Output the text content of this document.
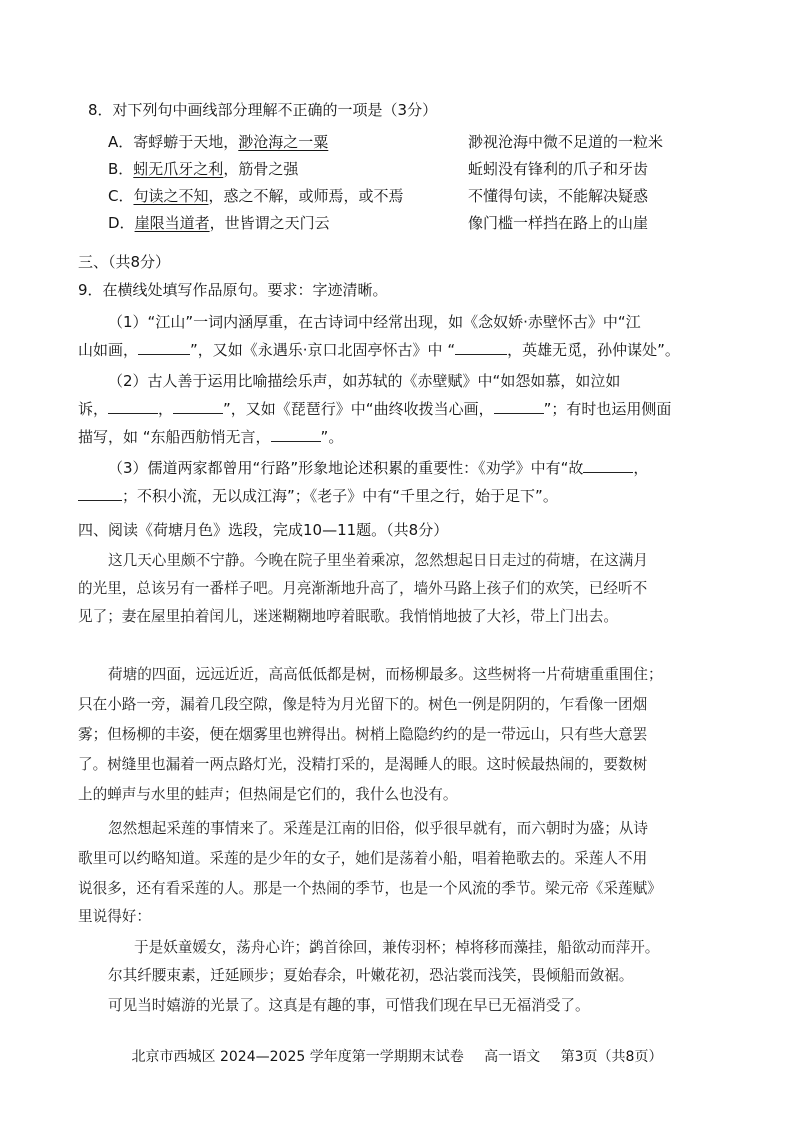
8．对下列句中画线部分理解不正确的一项是（3分）
A．寄蜉蝣于天地，渺沧海之一粟	渺视沧海中微不足道的一粒米
B．蚓无爪牙之利，筋骨之强	蚯蚓没有锋利的爪子和牙齿
C．句读之不知，惑之不解，或师焉，或不焉	不懂得句读，不能解决疑惑
D．崖限当道者，世皆谓之天门云	像门槛一样挡在路上的山崖
三、（共8分）
9．在横线处填写作品原句。要求：字迹清晰。
（1）“江山”一词内涵厚重，在古诗词中经常出现，如《念奴娇·赤壁怀古》中“江
山如画，	”，又如《永遇乐·京口北固亭怀古》中 “	，英雄无觅，孙仲谋处”。
（2）古人善于运用比喻描绘乐声，如苏轼的《赤壁赋》中“如怨如慕，如泣如
诉，	，	”，又如《琵琶行》中“曲终收拨当心画，	”；有时也运用侧面
描写，如 “东船西舫悄无言，	”。
（3）儒道两家都曾用“行路”形象地论述积累的重要性：《劝学》中有“故	，
；不积小流，无以成江海”；《老子》中有“千里之行，始于足下”。
四、阅读《荷塘月色》选段，完成10—11题。（共8分）
这几天心里颇不宁静。今晚在院子里坐着乘凉，忽然想起日日走过的荷塘，在这满月
的光里，总该另有一番样子吧。月亮渐渐地升高了，墙外马路上孩子们的欢笑，已经听不
见了；妻在屋里拍着闰儿，迷迷糊糊地哼着眠歌。我悄悄地披了大衫，带上门出去。
荷塘的四面，远远近近，高高低低都是树，而杨柳最多。这些树将一片荷塘重重围住；
只在小路一旁，漏着几段空隙，像是特为月光留下的。树色一例是阴阴的，乍看像一团烟
雾；但杨柳的丰姿，便在烟雾里也辨得出。树梢上隐隐约约的是一带远山，只有些大意罢
了。树缝里也漏着一两点路灯光，没精打采的，是渴睡人的眼。这时候最热闹的，要数树
上的蝉声与水里的蛙声；但热闹是它们的，我什么也没有。
忽然想起采莲的事情来了。采莲是江南的旧俗，似乎很早就有，而六朝时为盛；从诗
歌里可以约略知道。采莲的是少年的女子，她们是荡着小船，唱着艳歌去的。采莲人不用
说很多，还有看采莲的人。那是一个热闹的季节，也是一个风流的季节。梁元帝《采莲赋》
里说得好：
于是妖童媛女，荡舟心许；鹢首徐回，兼传羽杯；棹将移而藻挂，船欲动而萍开。
尔其纤腰束素，迁延顾步；夏始春余，叶嫩花初，恐沾裳而浅笑，畏倾船而敛裾。
可见当时嬉游的光景了。这真是有趣的事，可惜我们现在早已无福消受了。
北京市西城区 2024—2025 学年度第一学期期末试卷 高一语文 第3页（共8页）
